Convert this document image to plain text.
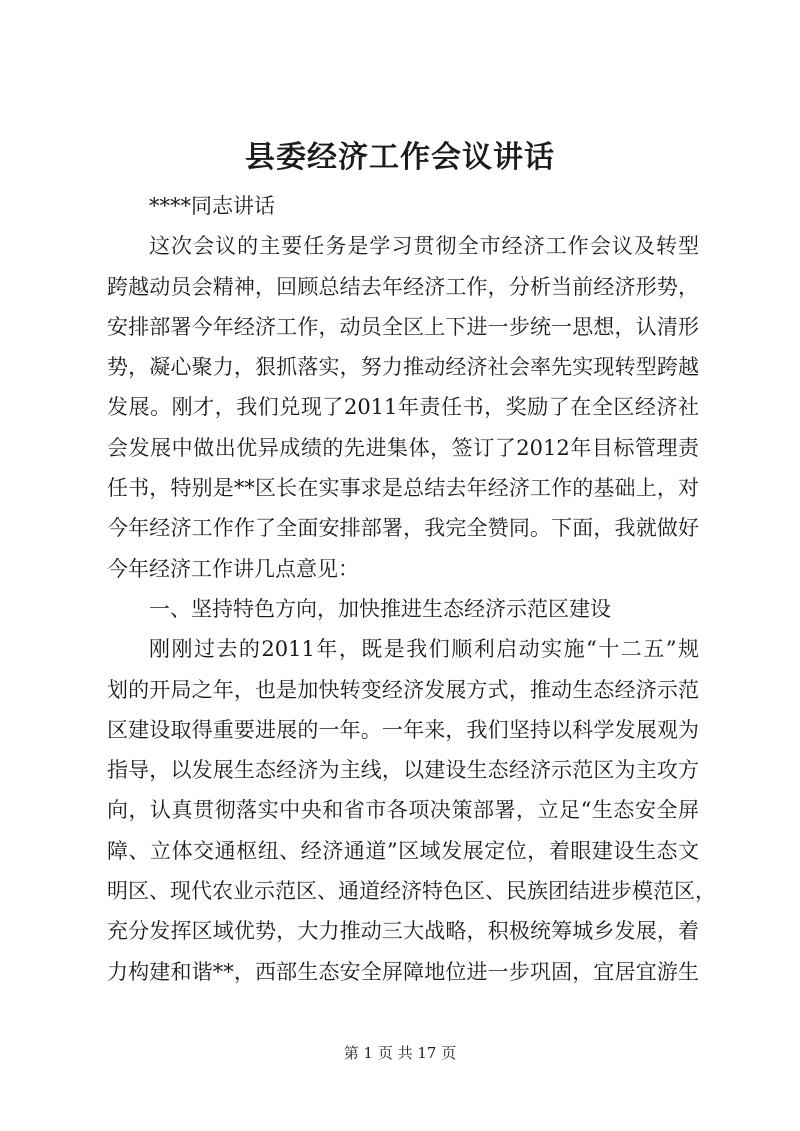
县委经济工作会议讲话

****同志讲话

这次会议的主要任务是学习贯彻全市经济工作会议及转型

跨越动员会精神，回顾总结去年经济工作，分析当前经济形势，

安排部署今年经济工作，动员全区上下进一步统一思想，认清形

势，凝心聚力，狠抓落实，努力推动经济社会率先实现转型跨越

发展。刚才，我们兑现了2011年责任书，奖励了在全区经济社

会发展中做出优异成绩的先进集体，签订了2012年目标管理责

任书，特别是**区长在实事求是总结去年经济工作的基础上，对

今年经济工作作了全面安排部署，我完全赞同。下面，我就做好

今年经济工作讲几点意见：

一、坚持特色方向，加快推进生态经济示范区建设

刚刚过去的2011年，既是我们顺利启动实施“十二五”规

划的开局之年，也是加快转变经济发展方式，推动生态经济示范

区建设取得重要进展的一年。一年来，我们坚持以科学发展观为

指导，以发展生态经济为主线，以建设生态经济示范区为主攻方

向，认真贯彻落实中央和省市各项决策部署，立足“生态安全屏

障、立体交通枢纽、经济通道”区域发展定位，着眼建设生态文

明区、现代农业示范区、通道经济特色区、民族团结进步模范区，

充分发挥区域优势，大力推动三大战略，积极统筹城乡发展，着

力构建和谐**，西部生态安全屏障地位进一步巩固，宜居宜游生

第 1 页 共 17 页
